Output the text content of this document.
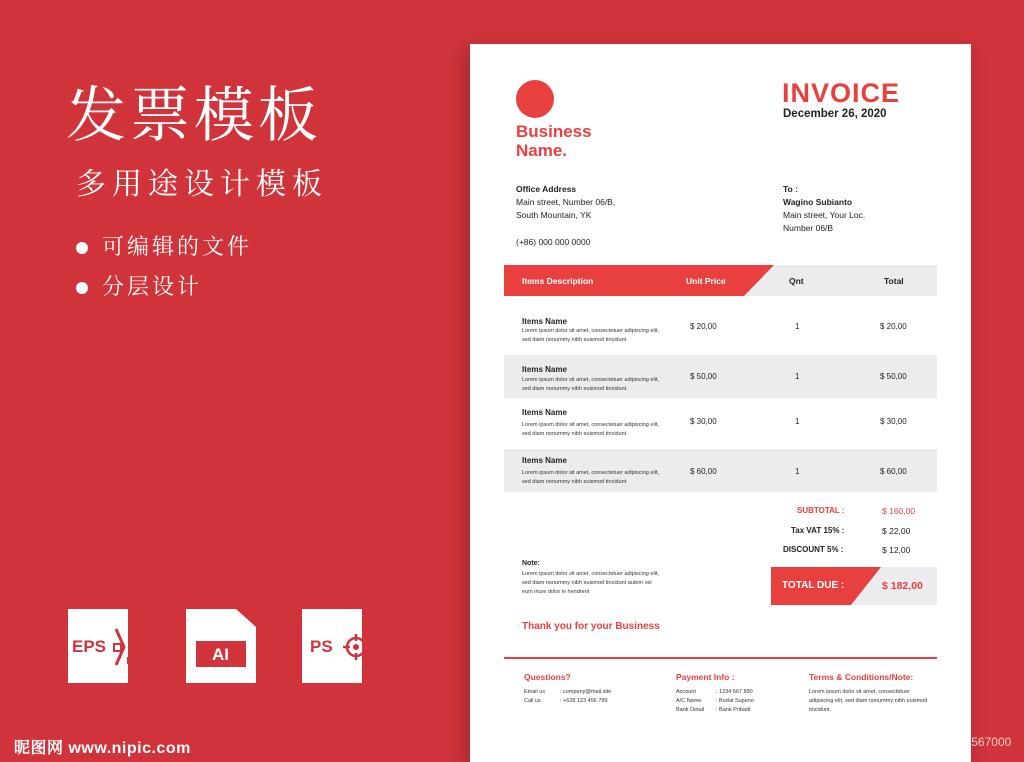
发票模板
多用途设计模板
可编辑的文件
分层设计
EPS	AI	PS
昵图网 www.nipic.com
Business
Name.
INVOICE
December 26, 2020
Office Address
Main street, Number 06/B,
South Mountain, YK
(+86) 000 000 0000
To :
Wagino Subianto
Main street, Your Loc.
Number 06/B
Items Description	Unit Price	Qnt	Total
Items Name
Lorem ipsum dolor sit amet, consectetuer adipiscing elit,
sed diam nonummy nibh euismod tincidunt
$ 20,00	1	$ 20,00
Items Name
Lorem ipsum dolor sit amet, consectetuer adipiscing elit,
sed diam nonummy nibh euismod tincidunt
$ 50,00	1	$ 50,00
Items Name
Lorem ipsum dolor sit amet, consectetuer adipiscing elit,
sed diam nonummy nibh euismod tincidunt
$ 30,00	1	$ 30,00
Items Name
Lorem ipsum dolor sit amet, consectetuer adipiscing elit,
sed diam nonummy nibh euismod tincidunt
$ 60,00	1	$ 60,00
SUBTOTAL :	$ 160,00
Tax VAT 15% :	$ 22,00
DISCOUNT 5% :	$ 12,00
TOTAL DUE :	$ 182,00
Note:
Lorem ipsum dolor sit amet, consectetuer adipiscing elit,
sed diam nonummy nibh euismod tincidunt autem vel
eum iriure dolor in hendrerit
Thank you for your Business
Questions?
Email us	: company@mail.site
Call us	: +628 123 456 789
Payment Info :
Account	: 1234 567 890
A/C Name	: Bodat Supeno
Bank Detail : Bank Pribadi
Terms & Conditions/Note:
Lorem ipsum dolor sit amet, consectetuer
adipiscing elit, sed diam nonummy nibh euismod
tincidunt.
ID:4511796 NO:20200322190533567000
